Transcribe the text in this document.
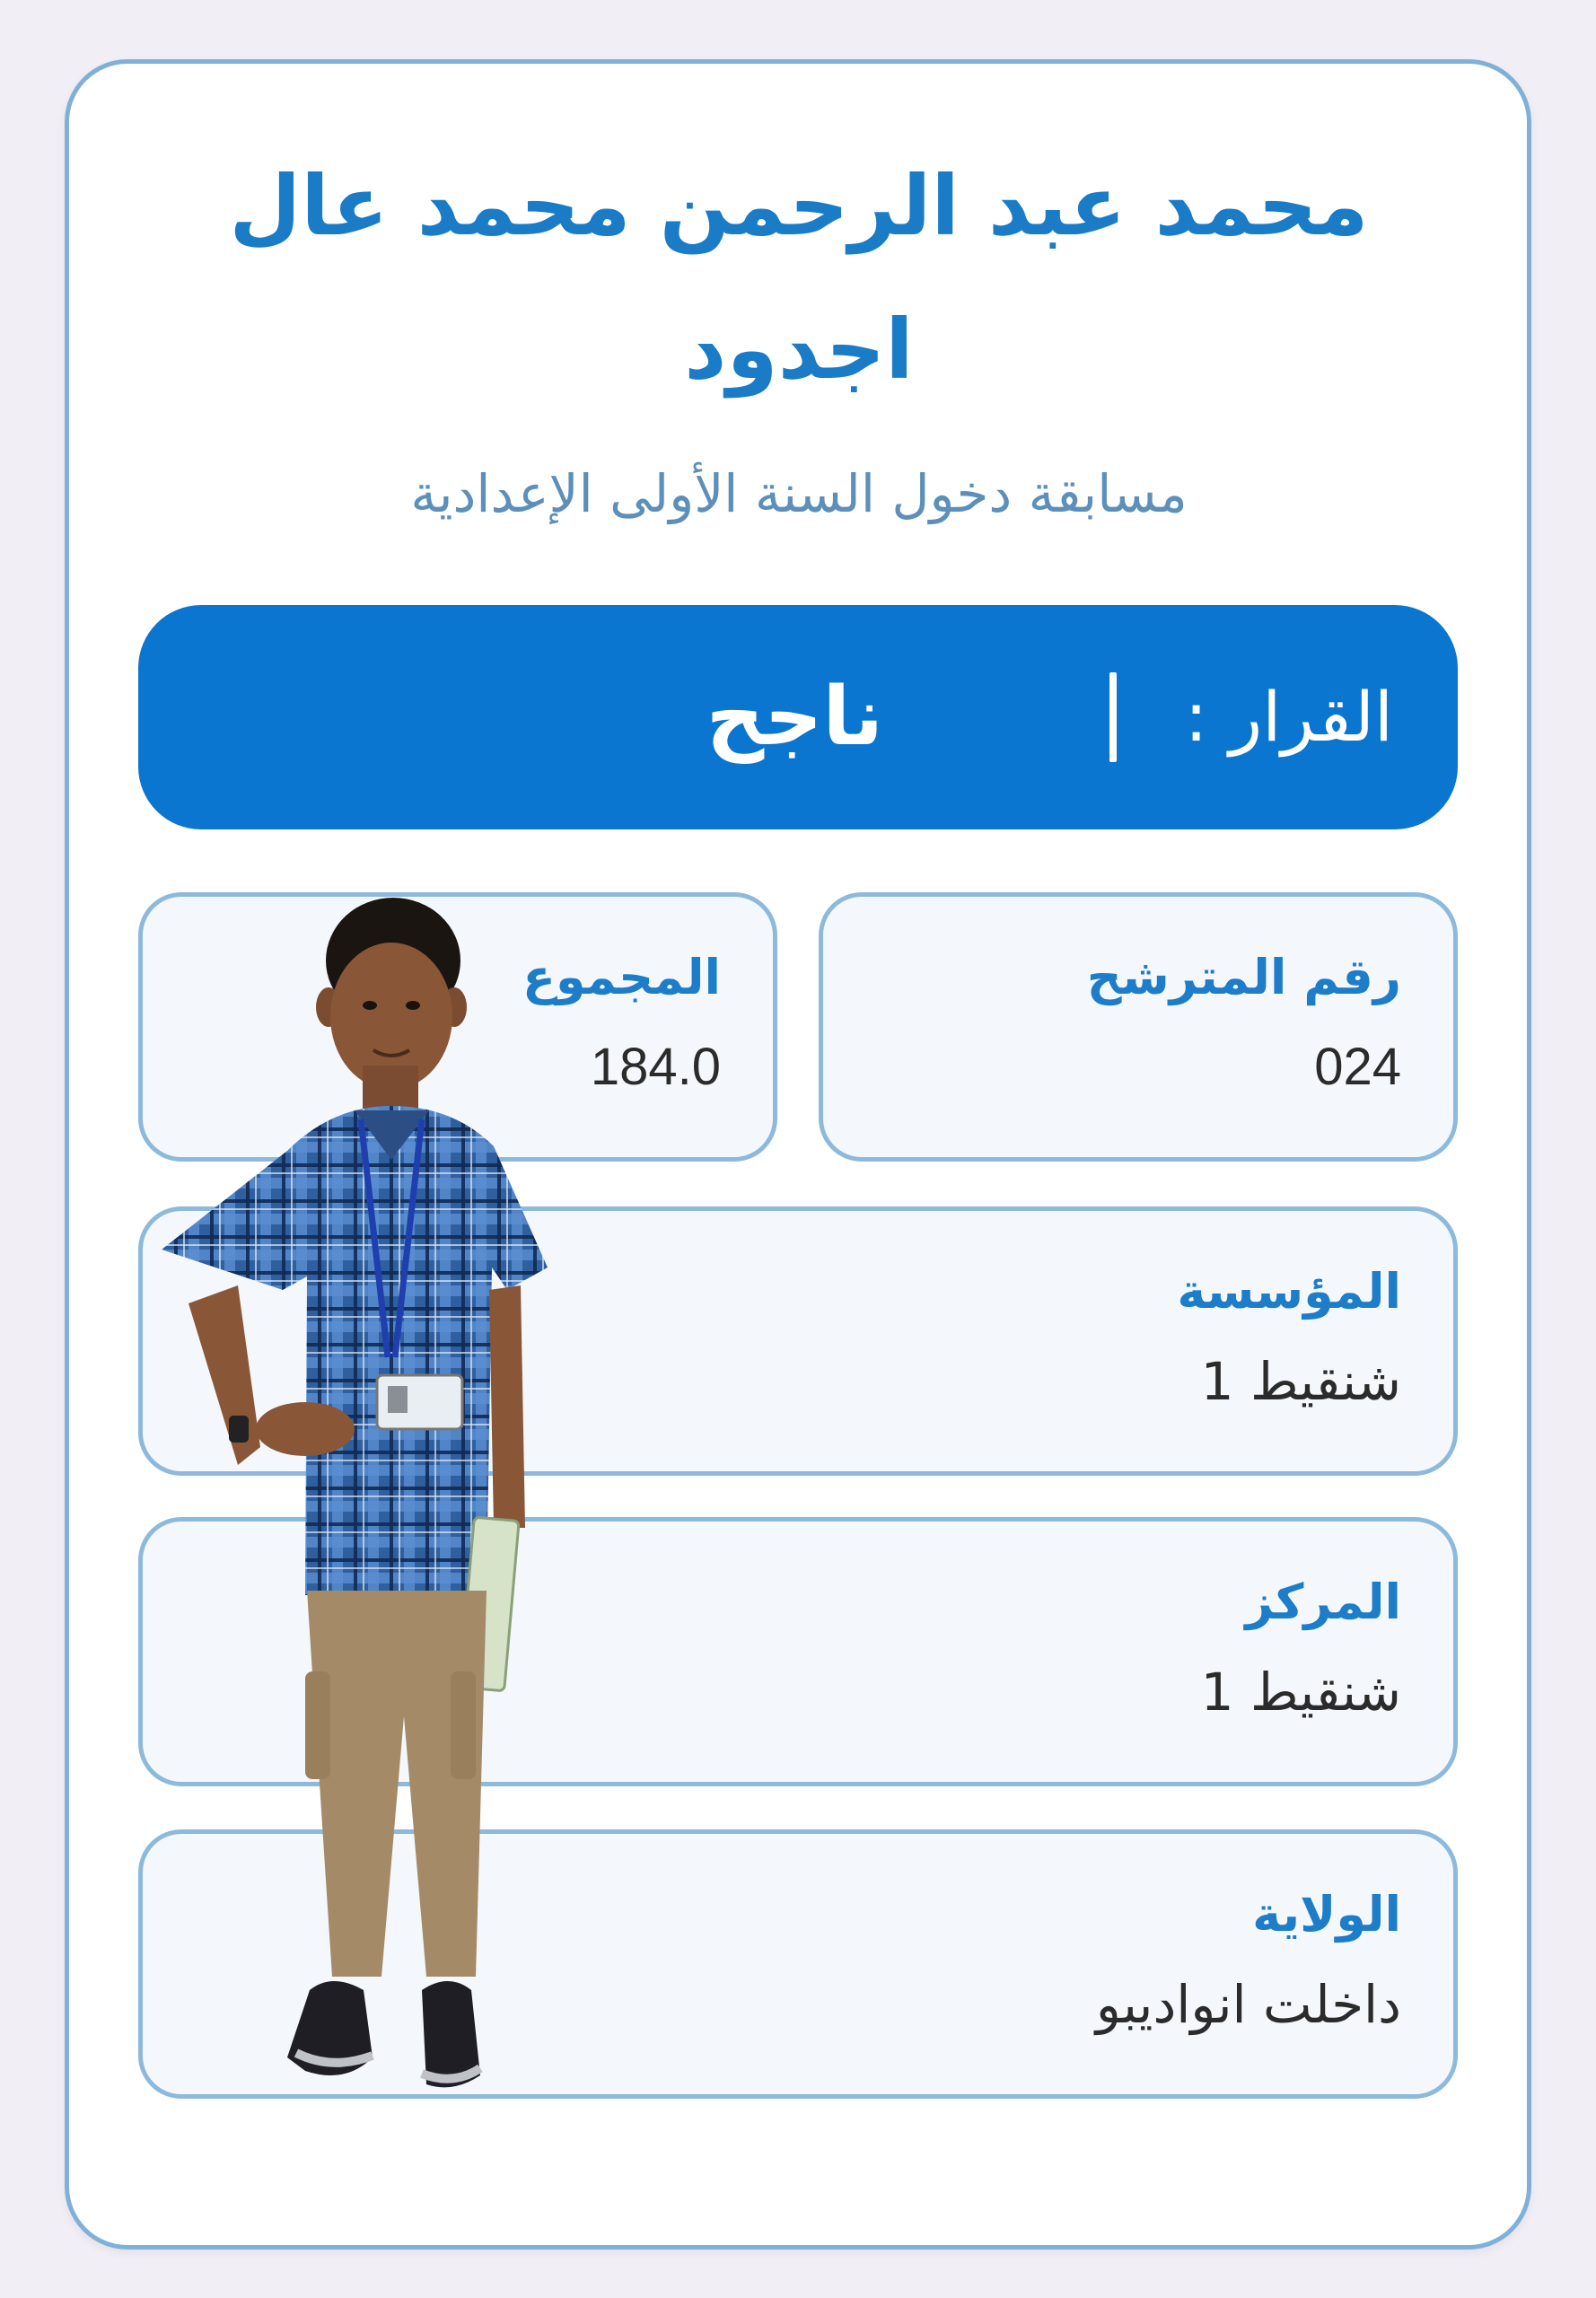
محمد عبد الرحمن محمد عال
اجدود

مسابقة دخول السنة الأولى الإعدادية

القرار :
ناجح
رقم المترشح
024
المجموع
184.0
المؤسسة
شنقيط 1
المركز
شنقيط 1
الولاية
داخلت انواديبو
